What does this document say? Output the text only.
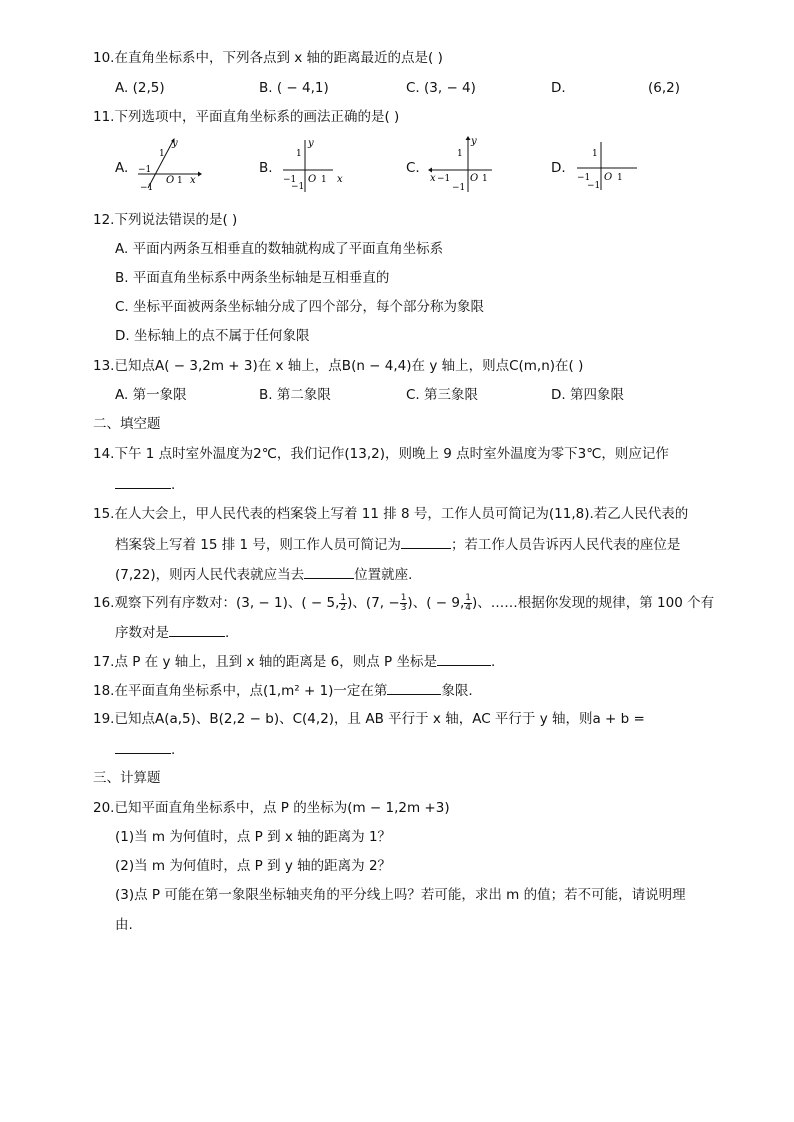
10.在直角坐标系中，下列各点到 x 轴的距离最近的点是( )
A. (2,5)	B. ( − 4,1)	C. (3, − 4)	D.	(6,2)
11.下列选项中，平面直角坐标系的画法正确的是( )
A.
y
1
−1
O 1 x
−1
B.
y
1
−1 O 1 x
−1
C.
y
1
x −1 O 1
−1
D.
1
−1 O 1
−1
12.下列说法错误的是( )
A. 平面内两条互相垂直的数轴就构成了平面直角坐标系
B. 平面直角坐标系中两条坐标轴是互相垂直的
C. 坐标平面被两条坐标轴分成了四个部分，每个部分称为象限
D. 坐标轴上的点不属于任何象限
13.已知点A( − 3,2m + 3)在 x 轴上，点B(n − 4,4)在 y 轴上，则点C(m,n)在( )
A. 第一象限	B. 第二象限	C. 第三象限	D. 第四象限
二、填空题
14.下午 1 点时室外温度为2℃，我们记作(13,2)，则晚上 9 点时室外温度为零下3℃，则应记作
.
15.在人大会上，甲人民代表的档案袋上写着 11 排 8 号，工作人员可简记为(11,8).若乙人民代表的
档案袋上写着 15 排 1 号，则工作人员可简记为	；若工作人员告诉丙人民代表的座位是
(7,22)，则丙人民代表就应当去	位置就座.
16.观察下列有序数对：(3, − 1)、( − 5, $\frac{1}{2}$ )、(7, − $\frac{1}{3}$ )、( − 9, $\frac{1}{4}$ )、……根据你发现的规律，第 100 个有
序数对是	.
17.点 P 在 y 轴上，且到 x 轴的距离是 6，则点 P 坐标是	.
18.在平面直角坐标系中，点(1,m² + 1)一定在第	象限.
19.已知点A(a,5)、B(2,2 − b)、C(4,2)，且 AB 平行于 x 轴，AC 平行于 y 轴，则a + b =
.
三、计算题
20.已知平面直角坐标系中，点 P 的坐标为(m − 1,2m +3)
(1)当 m 为何值时，点 P 到 x 轴的距离为 1？
(2)当 m 为何值时，点 P 到 y 轴的距离为 2？
(3)点 P 可能在第一象限坐标轴夹角的平分线上吗？若可能，求出 m 的值；若不可能，请说明理
由.
